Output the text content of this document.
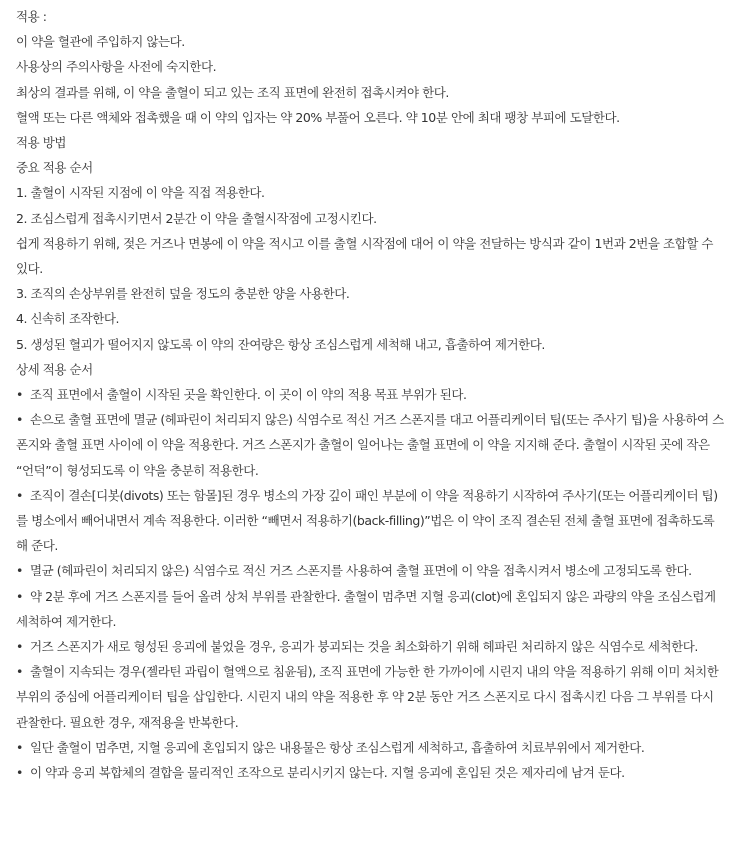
적용 :
이 약을 혈관에 주입하지 않는다.
사용상의 주의사항을 사전에 숙지한다.
최상의 결과를 위해, 이 약을 출혈이 되고 있는 조직 표면에 완전히 접촉시켜야 한다.
혈액 또는 다른 액체와 접촉했을 때 이 약의 입자는 약 20% 부풀어 오른다. 약 10분 안에 최대 팽창 부피에 도달한다.
적용 방법
중요 적용 순서
1. 출혈이 시작된 지점에 이 약을 직접 적용한다.
2. 조심스럽게 접촉시키면서 2분간 이 약을 출혈시작점에 고정시킨다.
쉽게 적용하기 위해, 젖은 거즈나 면봉에 이 약을 적시고 이를 출혈 시작점에 대어 이 약을 전달하는 방식과 같이 1번과 2번을 조합할 수 있다.
3. 조직의 손상부위를 완전히 덮을 정도의 충분한 양을 사용한다.
4. 신속히 조작한다.
5. 생성된 혈괴가 떨어지지 않도록 이 약의 잔여량은 항상 조심스럽게 세척해 내고, 흡출하여 제거한다.
상세 적용 순서
• 조직 표면에서 출혈이 시작된 곳을 확인한다. 이 곳이 이 약의 적용 목표 부위가 된다.
• 손으로 출혈 표면에 멸균 (헤파린이 처리되지 않은) 식염수로 적신 거즈 스폰지를 대고 어플리케이터 팁(또는 주사기 팁)을 사용하여 스폰지와 출혈 표면 사이에 이 약을 적용한다. 거즈 스폰지가 출혈이 일어나는 출혈 표면에 이 약을 지지해 준다. 출혈이 시작된 곳에 작은 “언덕”이 형성되도록 이 약을 충분히 적용한다.
• 조직이 결손[디봇(divots) 또는 함몰]된 경우 병소의 가장 깊이 패인 부분에 이 약을 적용하기 시작하여 주사기(또는 어플리케이터 팁)를 병소에서 빼어내면서 계속 적용한다. 이러한 “빼면서 적용하기(back-filling)”법은 이 약이 조직 결손된 전체 출혈 표면에 접촉하도록 해 준다.
• 멸균 (헤파린이 처리되지 않은) 식염수로 적신 거즈 스폰지를 사용하여 출혈 표면에 이 약을 접촉시켜서 병소에 고정되도록 한다.
• 약 2분 후에 거즈 스폰지를 들어 올려 상처 부위를 관찰한다. 출혈이 멈추면 지혈 응괴(clot)에 혼입되지 않은 과량의 약을 조심스럽게 세척하여 제거한다.
• 거즈 스폰지가 새로 형성된 응괴에 붙었을 경우, 응괴가 붕괴되는 것을 최소화하기 위해 헤파린 처리하지 않은 식염수로 세척한다.
• 출혈이 지속되는 경우(젤라틴 과립이 혈액으로 침윤됨), 조직 표면에 가능한 한 가까이에 시린지 내의 약을 적용하기 위해 이미 처치한 부위의 중심에 어플리케이터 팁을 삽입한다. 시린지 내의 약을 적용한 후 약 2분 동안 거즈 스폰지로 다시 접촉시킨 다음 그 부위를 다시 관찰한다. 필요한 경우, 재적용을 반복한다.
• 일단 출혈이 멈추면, 지혈 응괴에 혼입되지 않은 내용물은 항상 조심스럽게 세척하고, 흡출하여 치료부위에서 제거한다.
• 이 약과 응괴 복합체의 결합을 물리적인 조작으로 분리시키지 않는다. 지혈 응괴에 혼입된 것은 제자리에 남겨 둔다.
